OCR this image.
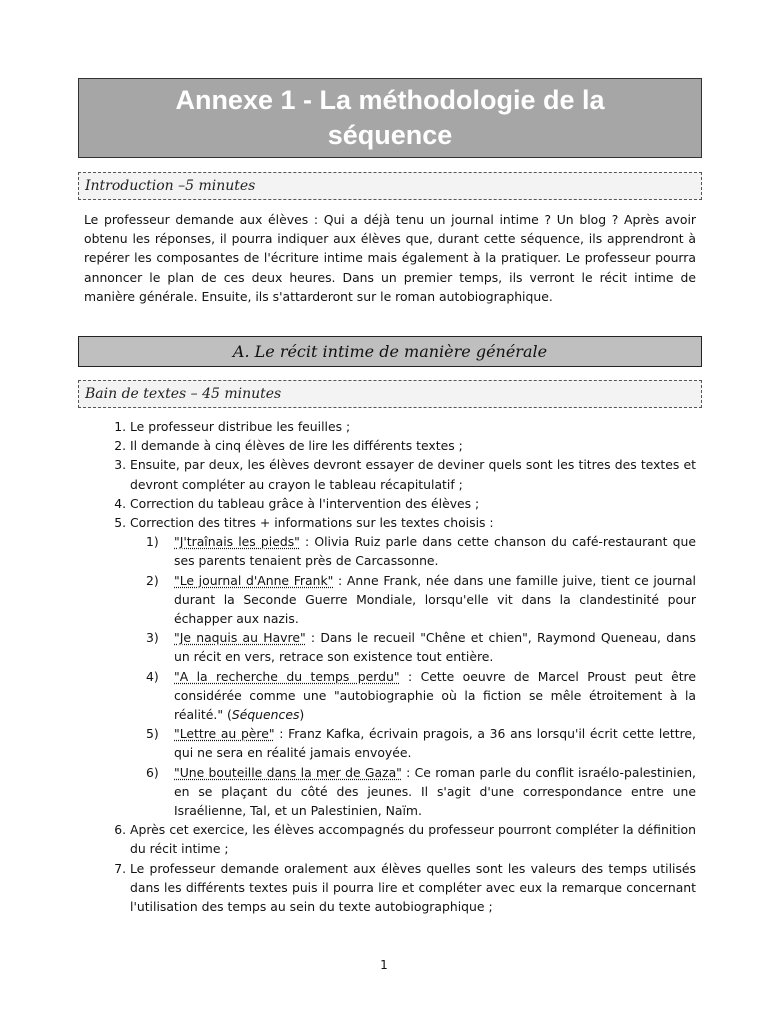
Annexe 1 - La méthodologie de la séquence
Introduction –5 minutes

Le professeur demande aux élèves : Qui a déjà tenu un journal intime ? Un blog ? Après avoir obtenu les réponses, il pourra indiquer aux élèves que, durant cette séquence, ils apprendront à repérer les composantes de l'écriture intime mais également à la pratiquer. Le professeur pourra annoncer le plan de ces deux heures. Dans un premier temps, ils verront le récit intime de manière générale. Ensuite, ils s'attarderont sur le roman autobiographique.

A. Le récit intime de manière générale
Bain de textes – 45 minutes
1. Le professeur distribue les feuilles ;
2. Il demande à cinq élèves de lire les différents textes ;
3. Ensuite, par deux, les élèves devront essayer de deviner quels sont les titres des textes et devront compléter au crayon le tableau récapitulatif ;
4. Correction du tableau grâce à l'intervention des élèves ;
5. Correction des titres + informations sur les textes choisis :
1) "J'traînais les pieds" : Olivia Ruiz parle dans cette chanson du café-restaurant que ses parents tenaient près de Carcassonne.
2) "Le journal d'Anne Frank" : Anne Frank, née dans une famille juive, tient ce journal durant la Seconde Guerre Mondiale, lorsqu'elle vit dans la clandestinité pour échapper aux nazis.
3) "Je naquis au Havre" : Dans le recueil "Chêne et chien", Raymond Queneau, dans un récit en vers, retrace son existence tout entière.
4) "A la recherche du temps perdu" : Cette oeuvre de Marcel Proust peut être considérée comme une "autobiographie où la fiction se mêle étroitement à la réalité." (Séquences)
5) "Lettre au père" : Franz Kafka, écrivain pragois, a 36 ans lorsqu'il écrit cette lettre, qui ne sera en réalité jamais envoyée.
6) "Une bouteille dans la mer de Gaza" : Ce roman parle du conflit israélo-palestinien, en se plaçant du côté des jeunes. Il s'agit d'une correspondance entre une Israélienne, Tal, et un Palestinien, Naïm.
6. Après cet exercice, les élèves accompagnés du professeur pourront compléter la définition du récit intime ;
7. Le professeur demande oralement aux élèves quelles sont les valeurs des temps utilisés dans les différents textes puis il pourra lire et compléter avec eux la remarque concernant l'utilisation des temps au sein du texte autobiographique ;
1
